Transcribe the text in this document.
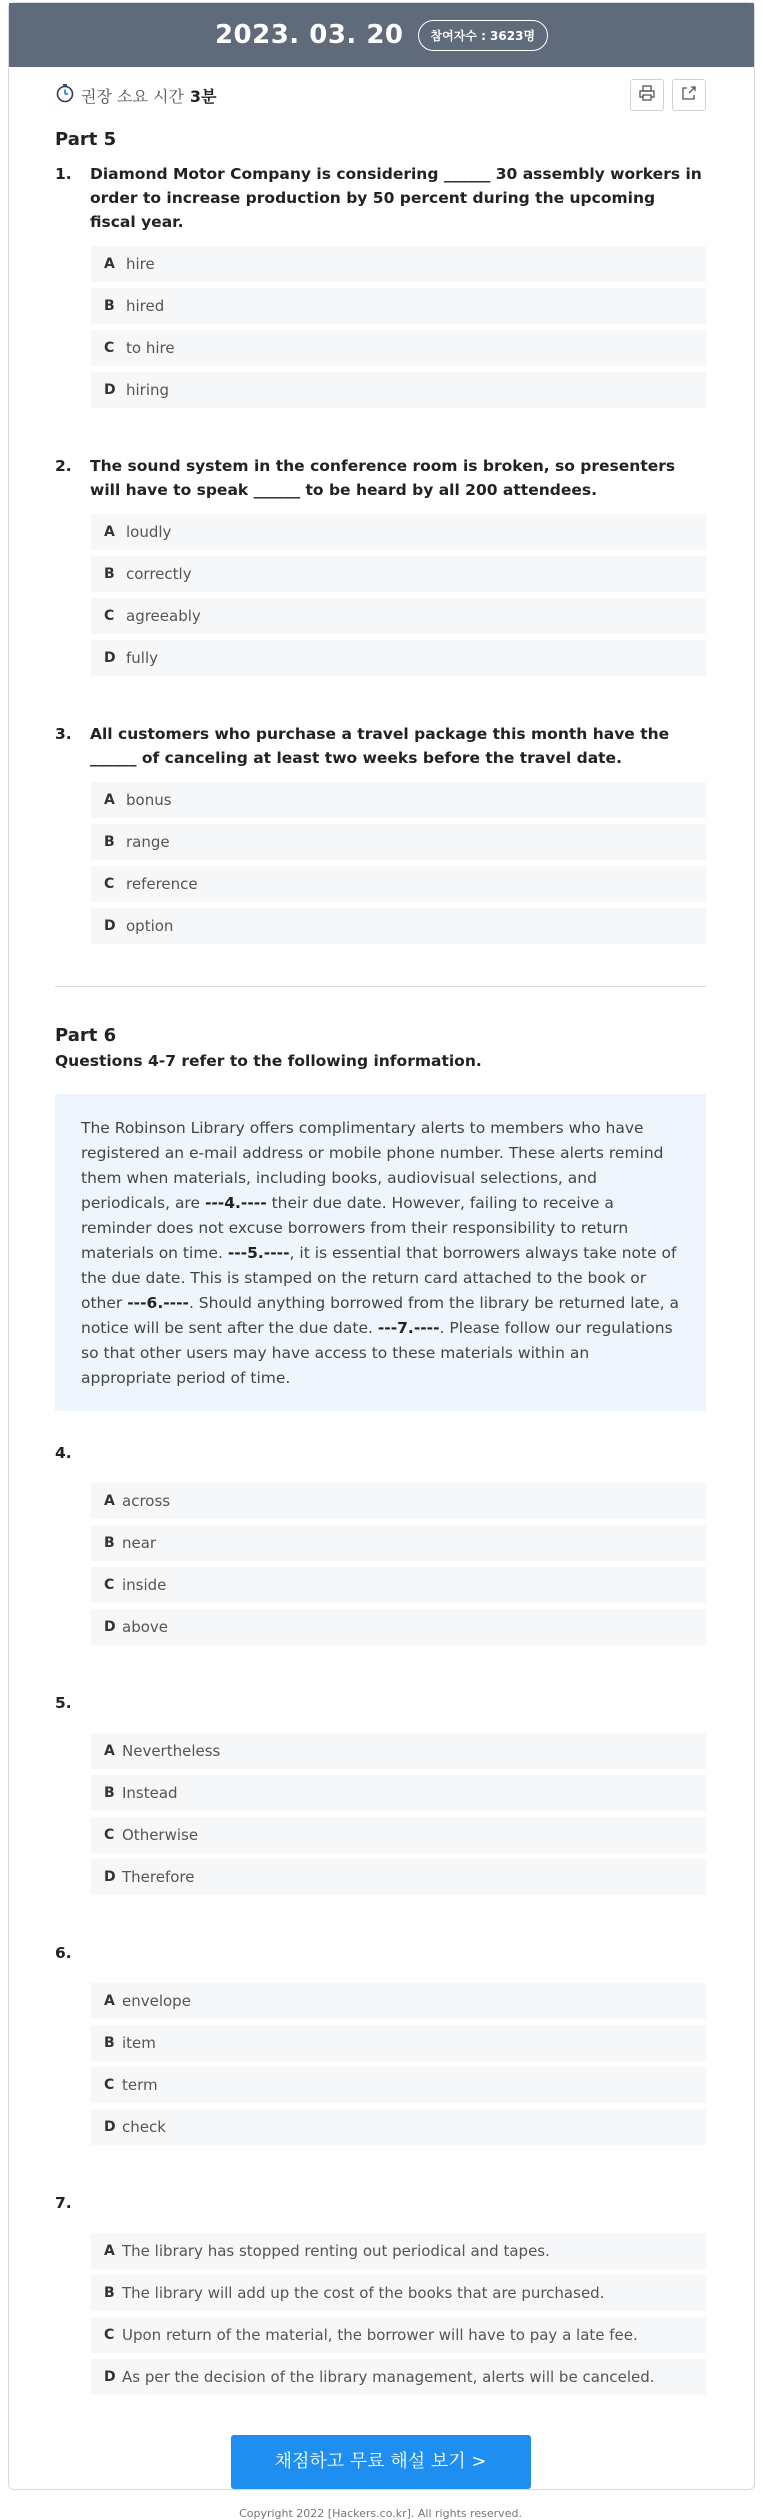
2023. 03. 20	참여자수 : 3623명
권장 소요 시간 3분
Part 5
1.	Diamond Motor Company is considering ______ 30 assembly workers in order to increase production by 50 percent during the upcoming fiscal year.
A hire
B hired
C to hire
D hiring
2.	The sound system in the conference room is broken, so presenters will have to speak ______ to be heard by all 200 attendees.
A loudly
B correctly
C agreeably
D fully
3.	All customers who purchase a travel package this month have the ______ of canceling at least two weeks before the travel date.
A bonus
B range
C reference
D option
Part 6
Questions 4-7 refer to the following information.
The Robinson Library offers complimentary alerts to members who have registered an e-mail address or mobile phone number. These alerts remind them when materials, including books, audiovisual selections, and periodicals, are ---4.---- their due date. However, failing to receive a reminder does not excuse borrowers from their responsibility to return materials on time. ---5.----, it is essential that borrowers always take note of the due date. This is stamped on the return card attached to the book or other ---6.----. Should anything borrowed from the library be returned late, a notice will be sent after the due date. ---7.----. Please follow our regulations so that other users may have access to these materials within an appropriate period of time.
4.
A across
B near
C inside
D above
5.
A Nevertheless
B Instead
C Otherwise
D Therefore
6.
A envelope
B item
C term
D check
7.
A The library has stopped renting out periodical and tapes.
B The library will add up the cost of the books that are purchased.
C Upon return of the material, the borrower will have to pay a late fee.
D As per the decision of the library management, alerts will be canceled.
채점하고 무료 해설 보기 >
Copyright 2022 [Hackers.co.kr]. All rights reserved.
